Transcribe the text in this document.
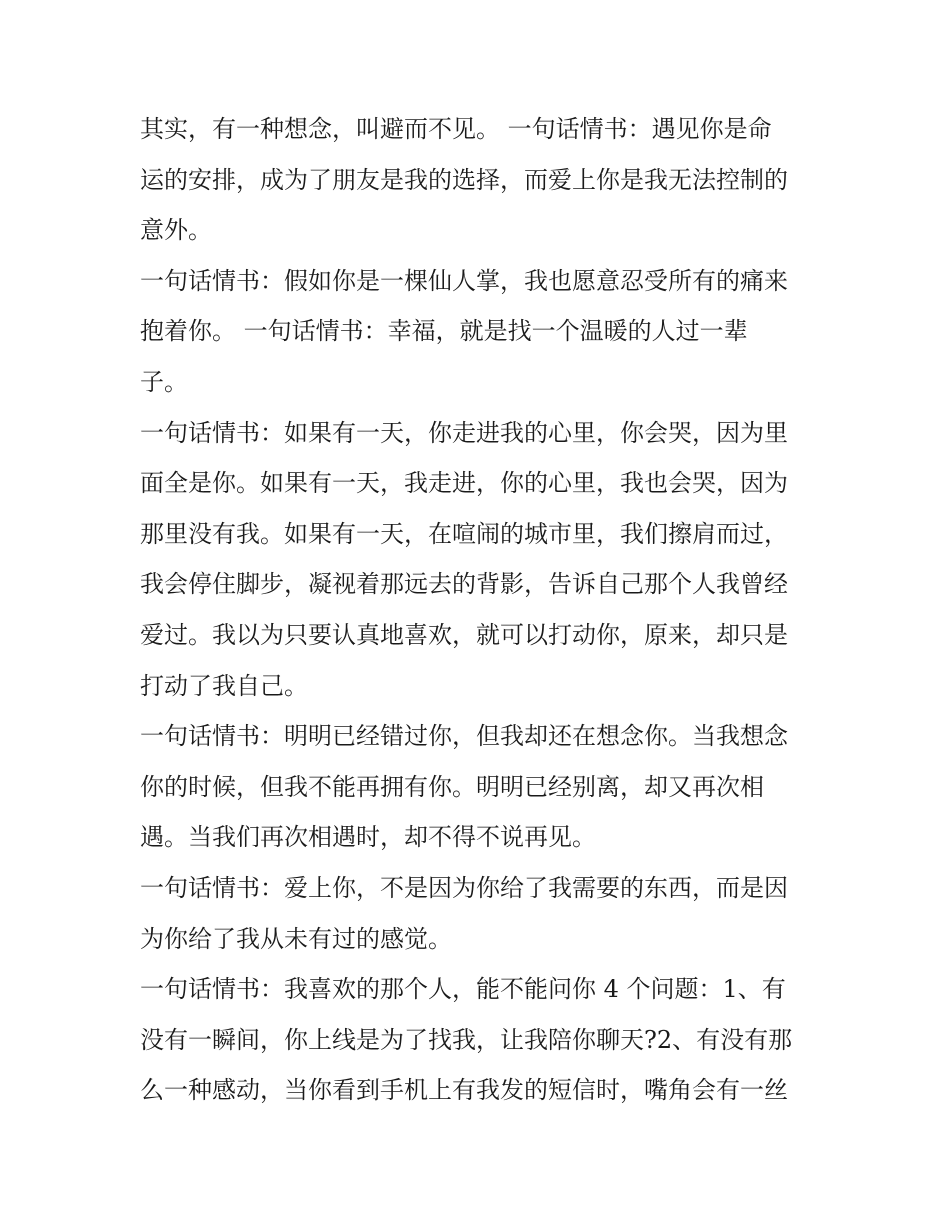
其实，有一种想念，叫避而不见。 一句话情书：遇见你是命
运的安排，成为了朋友是我的选择，而爱上你是我无法控制的
意外。
一句话情书：假如你是一棵仙人掌，我也愿意忍受所有的痛来
抱着你。 一句话情书：幸福，就是找一个温暖的人过一辈
子。
一句话情书：如果有一天，你走进我的心里，你会哭，因为里
面全是你。如果有一天，我走进，你的心里，我也会哭，因为
那里没有我。如果有一天，在喧闹的城市里，我们擦肩而过，
我会停住脚步，凝视着那远去的背影，告诉自己那个人我曾经
爱过。我以为只要认真地喜欢，就可以打动你，原来，却只是
打动了我自己。
一句话情书：明明已经错过你，但我却还在想念你。当我想念
你的时候，但我不能再拥有你。明明已经别离，却又再次相
遇。当我们再次相遇时，却不得不说再见。
一句话情书：爱上你，不是因为你给了我需要的东西，而是因
为你给了我从未有过的感觉。
一句话情书：我喜欢的那个人，能不能问你 4 个问题：1、有
没有一瞬间，你上线是为了找我，让我陪你聊天?2、有没有那
么一种感动，当你看到手机上有我发的短信时，嘴角会有一丝
